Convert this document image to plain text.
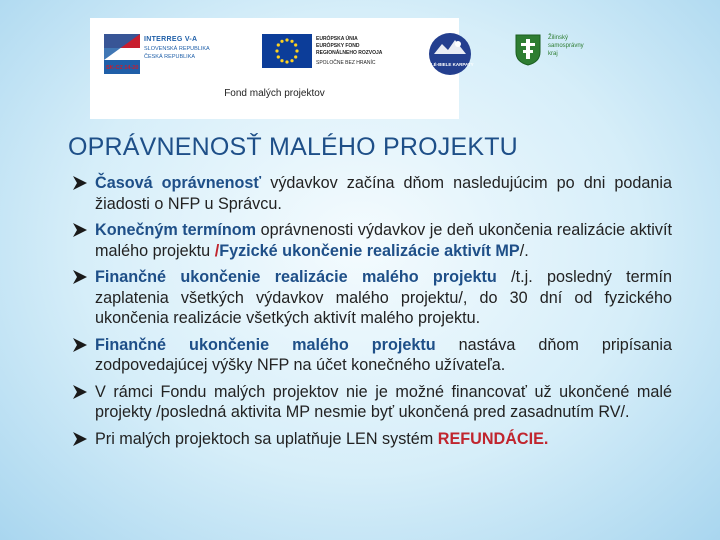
INTERREG V-A
SLOVENSKÁ REPUBLIKA
ČESKÁ REPUBLIKA
SK-CZ 14-20
EURÓPSKA ÚNIA
EURÓPSKY FOND
REGIONÁLNEHO ROZVOJA
SPOLOČNE BEZ HRANÍC	BILÉ-BIELE KARPATY
Žilinský
samosprávny
kraj
Fond malých projektov
OPRÁVNENOSŤ MALÉHO PROJEKTU
Časová oprávnenosť výdavkov začína dňom nasledujúcim po dni podania žiadosti o NFP u Správcu.
Konečným termínom oprávnenosti výdavkov je deň ukončenia realizácie aktivít malého projektu /Fyzické ukončenie realizácie aktivít MP/.
Finančné ukončenie realizácie malého projektu /t.j. posledný termín zaplatenia všetkých výdavkov malého projektu/, do 30 dní od fyzického ukončenia realizácie všetkých aktivít malého projektu.
Finančné ukončenie malého projektu nastáva dňom pripísania zodpovedajúcej výšky NFP na účet konečného užívateľa.
V rámci Fondu malých projektov nie je možné financovať už ukončené malé projekty /posledná aktivita MP nesmie byť ukončená pred zasadnutím RV/.
Pri malých projektoch sa uplatňuje LEN systém REFUNDÁCIE.
